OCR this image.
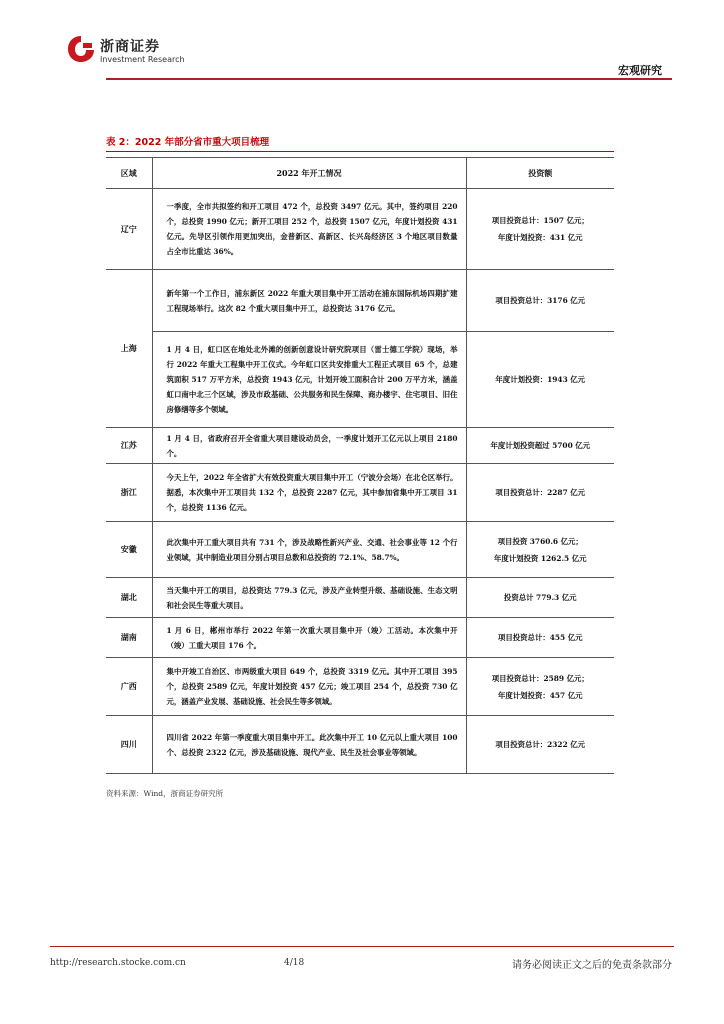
浙商证券
Investment Research
宏观研究
表 2：2022 年部分省市重大项目梳理
区域	2022 年开工情况	投资额
辽宁	一季度，全市共拟签约和开工项目 472 个，总投资 3497 亿元。其中，签约项目 220 个，总投资 1990 亿元；新开工项目 252 个，总投资 1507 亿元，年度计划投资 431 亿元。先导区引领作用更加突出，金普新区、高新区、长兴岛经济区 3 个地区项目数量占全市比重达 36%。	项目投资总计：1507 亿元；
年度计划投资：431 亿元
上海	新年第一个工作日，浦东新区 2022 年重大项目集中开工活动在浦东国际机场四期扩建工程现场举行。这次 82 个重大项目集中开工，总投资达 3176 亿元。	项目投资总计：3176 亿元
	1 月 4 日，虹口区在地处北外滩的创新创意设计研究院项目（雷士德工学院）现场，举行 2022 年重大工程集中开工仪式。今年虹口区共安排重大工程正式项目 65 个，总建筑面积 517 万平方米，总投资 1943 亿元，计划开竣工面积合计 200 万平方米，涵盖虹口南中北三个区域，涉及市政基础、公共服务和民生保障、商办楼宇、住宅项目、旧住房修缮等多个领域。	年度计划投资：1943 亿元
江苏	1 月 4 日，省政府召开全省重大项目建设动员会，一季度计划开工亿元以上项目 2180 个。	年度计划投资超过 5700 亿元
浙江	今天上午，2022 年全省扩大有效投资重大项目集中开工（宁波分会场）在北仑区举行。据悉，本次集中开工项目共 132 个，总投资 2287 亿元，其中参加省集中开工项目 31 个，总投资 1136 亿元。	项目投资总计：2287 亿元
安徽	此次集中开工重大项目共有 731 个，涉及战略性新兴产业、交通、社会事业等 12 个行业领域，其中制造业项目分别占项目总数和总投资的 72.1%、58.7%。	项目投资 3760.6 亿元；
年度计划投资 1262.5 亿元
湖北	当天集中开工的项目，总投资达 779.3 亿元，涉及产业转型升级、基础设施、生态文明和社会民生等重大项目。	投资总计 779.3 亿元
湖南	1 月 6 日，郴州市举行 2022 年第一次重大项目集中开（竣）工活动。本次集中开（竣）工重大项目 176 个。	项目投资总计：455 亿元
广西	集中开竣工自治区、市两级重大项目 649 个，总投资 3319 亿元。其中开工项目 395 个，总投资 2589 亿元，年度计划投资 457 亿元；竣工项目 254 个，总投资 730 亿元，涵盖产业发展、基础设施、社会民生等多领域。	项目投资总计：2589 亿元；
年度计划投资：457 亿元
四川	四川省 2022 年第一季度重大项目集中开工。此次集中开工 10 亿元以上重大项目 100 个、总投资 2322 亿元，涉及基础设施、现代产业、民生及社会事业等领域。	项目投资总计：2322 亿元
资料来源：Wind，浙商证券研究所
http://research.stocke.com.cn	4/18	请务必阅读正文之后的免责条款部分
